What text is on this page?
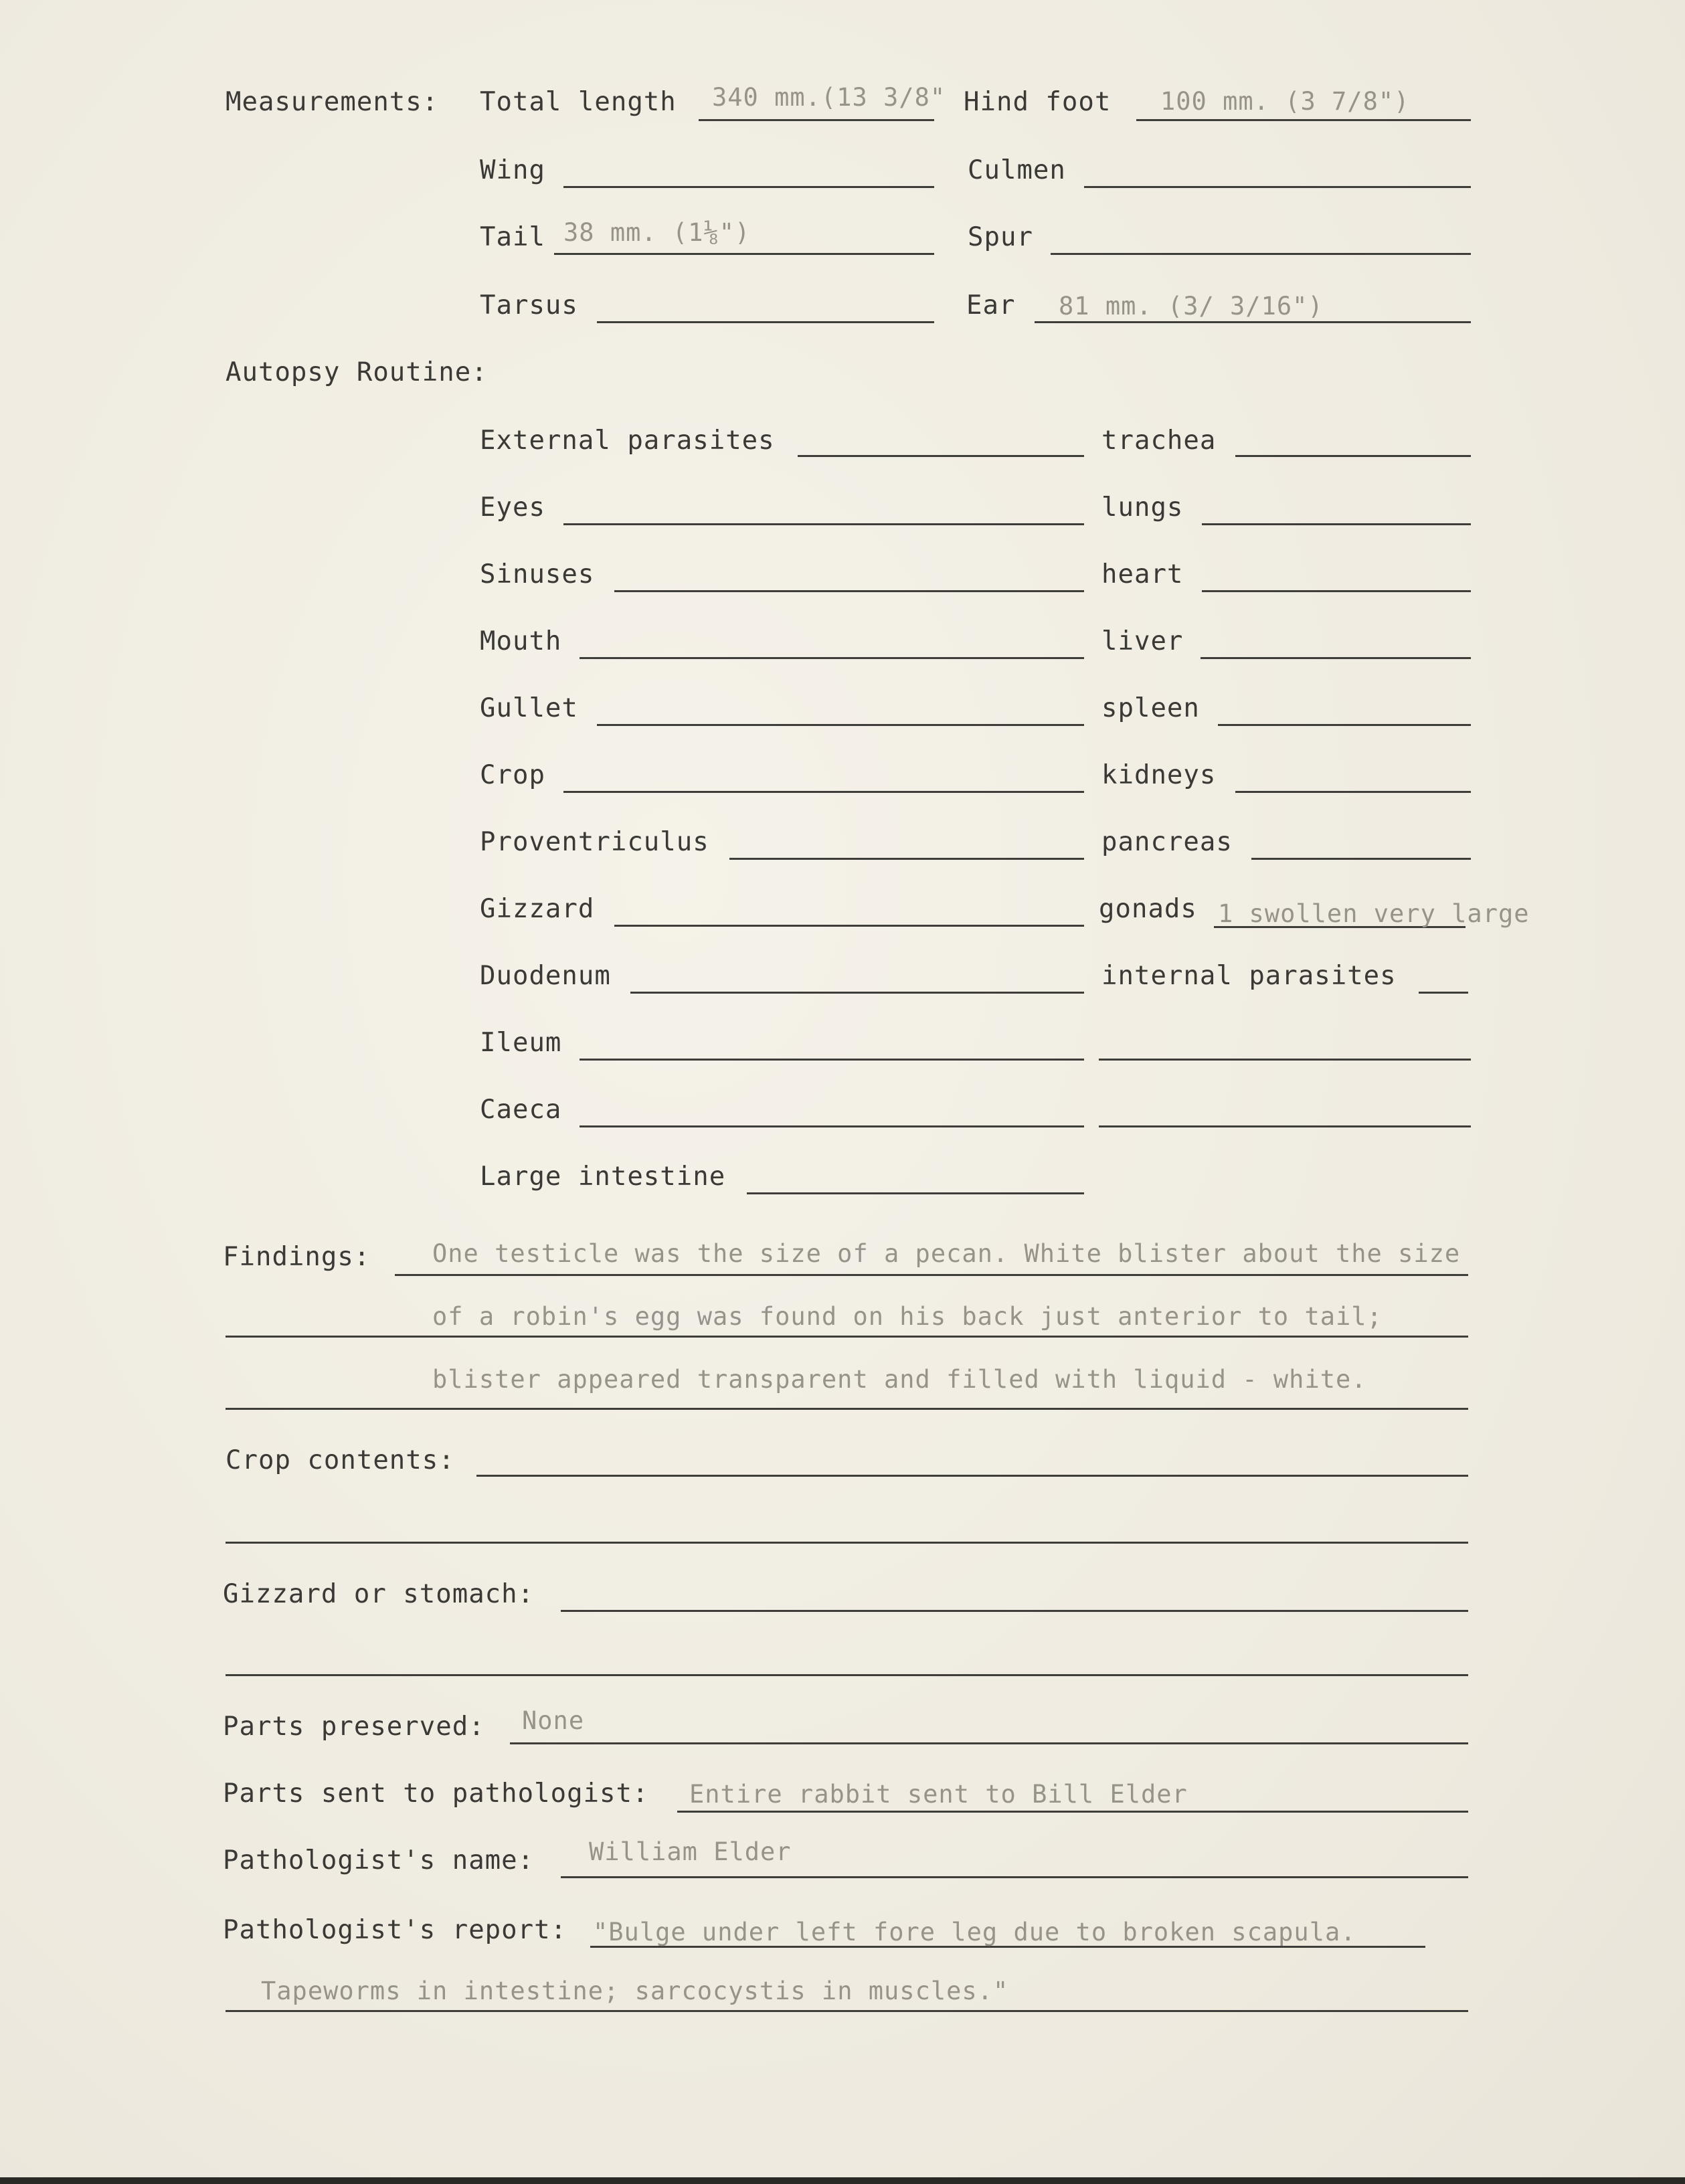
Measurements: Total length 340 mm.(13 3/8" Hind foot 100 mm. (3 7/8")
Wing	Culmen
Tail 38 mm. (1⅛")	Spur
Tarsus	Ear 81 mm. (3/ 3/16")
Autopsy Routine:
External parasites	trachea
Eyes	lungs
Sinuses	heart
Mouth	liver
Gullet	spleen
Crop	kidneys
Proventriculus	pancreas
Gizzard	gonads 1 swollen very large
Duodenum	internal parasites
Ileum
Caeca
Large intestine
Findings:	One testicle was the size of a pecan. White blister about the size
of a robin's egg was found on his back just anterior to tail;
blister appeared transparent and filled with liquid - white.
Crop contents:
Gizzard or stomach:
Parts preserved: None
Parts sent to pathologist: Entire rabbit sent to Bill Elder
Pathologist's name: William Elder
Pathologist's report: "Bulge under left fore leg due to broken scapula.
Tapeworms in intestine; sarcocystis in muscles."
